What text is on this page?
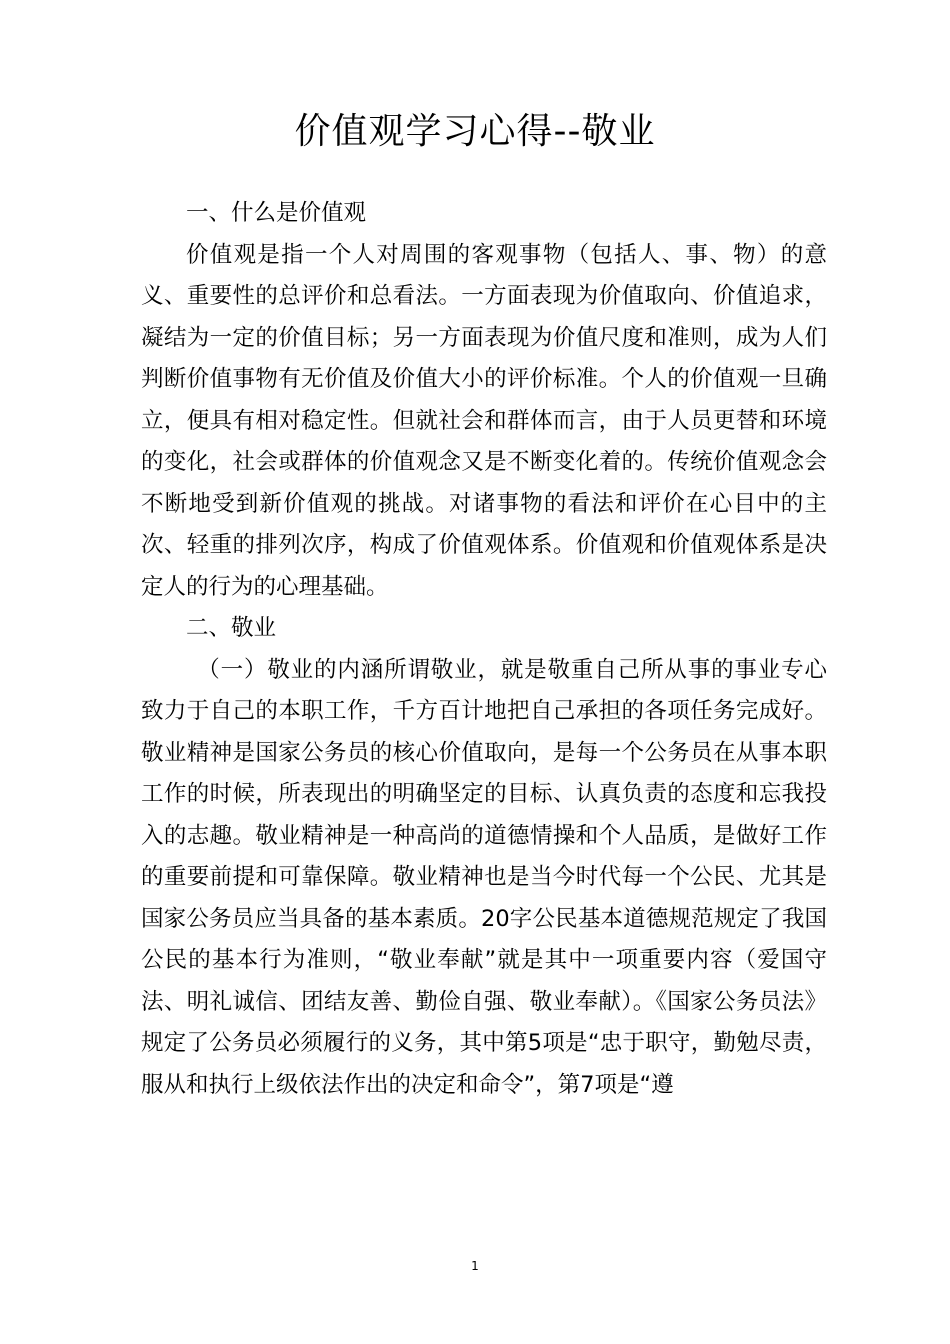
价值观学习心得--敬业

一、什么是价值观

价值观是指一个人对周围的客观事物（包括人、事、物）的意义、重要性的总评价和总看法。一方面表现为价值取向、价值追求，凝结为一定的价值目标；另一方面表现为价值尺度和准则，成为人们判断价值事物有无价值及价值大小的评价标准。个人的价值观一旦确立，便具有相对稳定性。但就社会和群体而言，由于人员更替和环境的变化，社会或群体的价值观念又是不断变化着的。传统价值观念会不断地受到新价值观的挑战。对诸事物的看法和评价在心目中的主次、轻重的排列次序，构成了价值观体系。价值观和价值观体系是决定人的行为的心理基础。

二、敬业

（一）敬业的内涵所谓敬业，就是敬重自己所从事的事业专心致力于自己的本职工作，千方百计地把自己承担的各项任务完成好。敬业精神是国家公务员的核心价值取向，是每一个公务员在从事本职工作的时候，所表现出的明确坚定的目标、认真负责的态度和忘我投入的志趣。敬业精神是一种高尚的道德情操和个人品质，是做好工作的重要前提和可靠保障。敬业精神也是当今时代每一个公民、尤其是国家公务员应当具备的基本素质。20字公民基本道德规范规定了我国公民的基本行为准则，“敬业奉献”就是其中一项重要内容（爱国守法、明礼诚信、团结友善、勤俭自强、敬业奉献）。《国家公务员法》规定了公务员必须履行的义务，其中第5项是“忠于职守，勤勉尽责，服从和执行上级依法作出的决定和命令”，第7项是“遵

1
